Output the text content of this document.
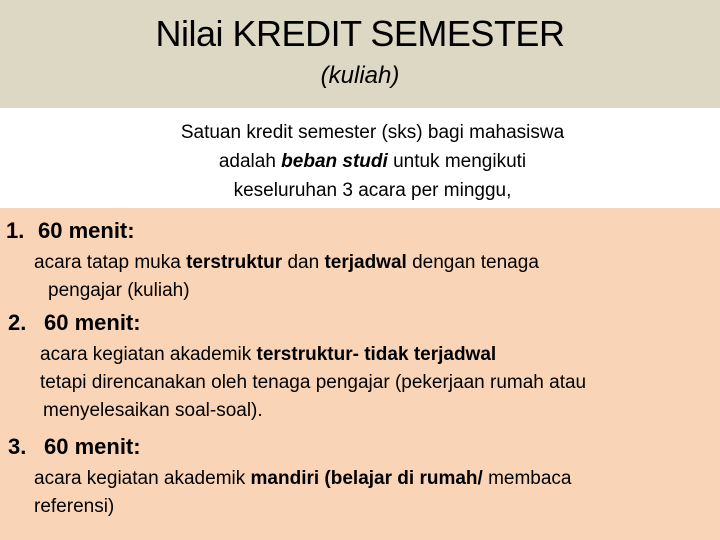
Nilai KREDIT SEMESTER
(kuliah)
Satuan kredit semester (sks) bagi mahasiswa
adalah beban studi untuk mengikuti
keseluruhan 3 acara per minggu,
1. 60 menit:
acara tatap muka terstruktur dan terjadwal dengan tenaga
pengajar (kuliah)
2. 60 menit:
acara kegiatan akademik terstruktur- tidak terjadwal
tetapi direncanakan oleh tenaga pengajar (pekerjaan rumah atau
menyelesaikan soal-soal).
3. 60 menit:
acara kegiatan akademik mandiri (belajar di rumah/ membaca
referensi)
